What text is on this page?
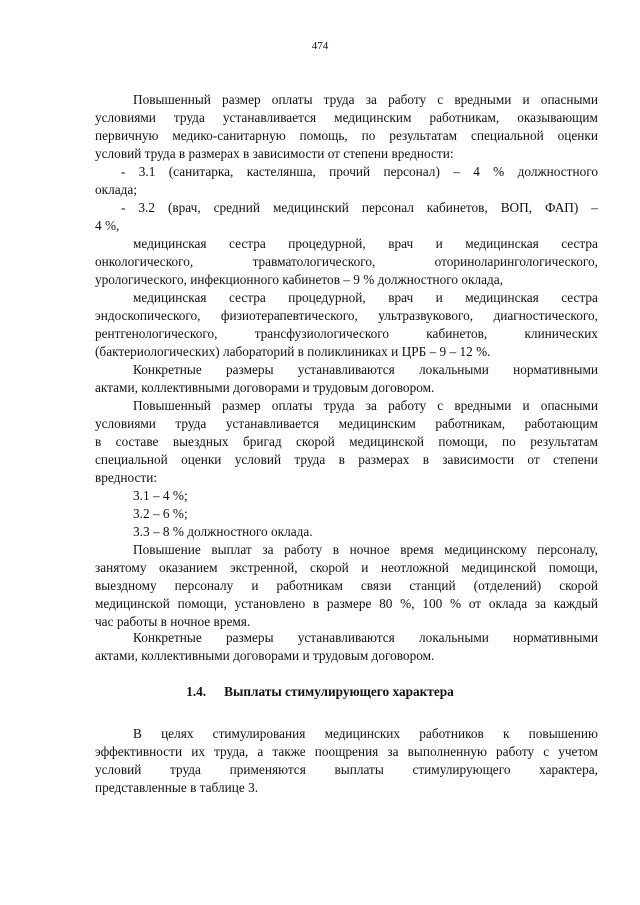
474
Повышенный размер оплаты труда за работу с вредными и опасными
условиями труда устанавливается медицинским работникам, оказывающим
первичную медико-санитарную помощь, по результатам специальной оценки
условий труда в размерах в зависимости от степени вредности:
- 3.1 (санитарка, кастелянша, прочий персонал) – 4 % должностного
оклада;
- 3.2 (врач, средний медицинский персонал кабинетов, ВОП, ФАП) –
4 %,
медицинская сестра процедурной, врач и медицинская сестра
онкологического,	травматологического,	оториноларингологического,
урологического, инфекционного кабинетов – 9 % должностного оклада,
медицинская сестра процедурной, врач и медицинская сестра
эндоскопического, физиотерапевтического, ультразвукового, диагностического,
рентгенологического,	трансфузиологического	кабинетов,	клинических
(бактериологических) лабораторий в поликлиниках и ЦРБ – 9 – 12 %.
Конкретные размеры устанавливаются локальными нормативными
актами, коллективными договорами и трудовым договором.
Повышенный размер оплаты труда за работу с вредными и опасными
условиями труда устанавливается медицинским работникам, работающим
в составе выездных бригад скорой медицинской помощи, по результатам
специальной оценки условий труда в размерах в зависимости от степени
вредности:
3.1 – 4 %;
3.2 – 6 %;
3.3 – 8 % должностного оклада.
Повышение выплат за работу в ночное время медицинскому персоналу,
занятому оказанием экстренной, скорой и неотложной медицинской помощи,
выездному персоналу и работникам связи станций (отделений) скорой
медицинской помощи, установлено в размере 80 %, 100 % от оклада за каждый
час работы в ночное время.
Конкретные размеры устанавливаются локальными нормативными
актами, коллективными договорами и трудовым договором.
1.4. Выплаты стимулирующего характера
В целях стимулирования медицинских работников к повышению
эффективности их труда, а также поощрения за выполненную работу с учетом
условий труда применяются выплаты стимулирующего характера,
представленные в таблице 3.
